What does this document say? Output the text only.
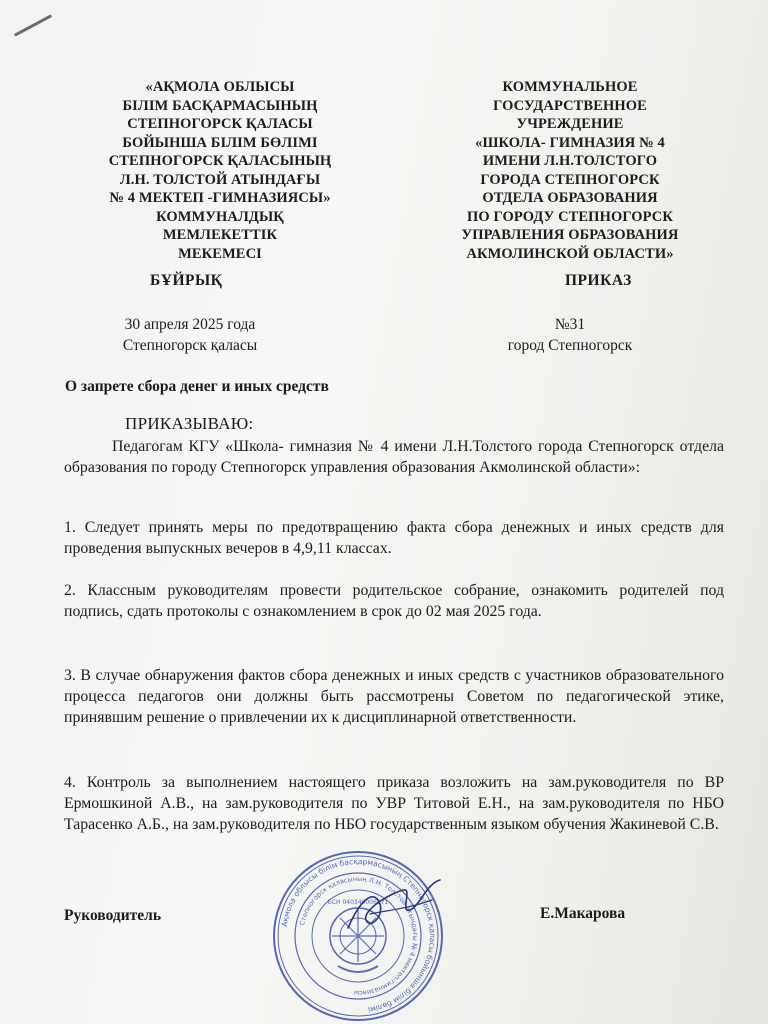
«АҚМОЛА ОБЛЫСЫ
БІЛІМ БАСҚАРМАСЫНЫҢ
СТЕПНОГОРСК ҚАЛАСЫ
БОЙЫНША БІЛІМ БӨЛІМІ
СТЕПНОГОРСК ҚАЛАСЫНЫҢ
Л.Н. ТОЛСТОЙ АТЫНДАҒЫ
№ 4 МЕКТЕП -ГИМНАЗИЯСЫ»
КОММУНАЛДЫҚ
МЕМЛЕКЕТТІК
МЕКЕМЕСІ
КОММУНАЛЬНОЕ
ГОСУДАРСТВЕННОЕ
УЧРЕЖДЕНИЕ
«ШКОЛА- ГИМНАЗИЯ № 4
ИМЕНИ Л.Н.ТОЛСТОГО
ГОРОДА СТЕПНОГОРСК
ОТДЕЛА ОБРАЗОВАНИЯ
ПО ГОРОДУ СТЕПНОГОРСК
УПРАВЛЕНИЯ ОБРАЗОВАНИЯ
АКМОЛИНСКОЙ ОБЛАСТИ»
БҰЙРЫҚ	ПРИКАЗ
30 апреля 2025 года
Степногорск қаласы
№31
город Степногорск
О запрете сбора денег и иных средств
ПРИКАЗЫВАЮ:
Педагогам КГУ «Школа- гимназия № 4 имени Л.Н.Толстого города Степногорск отдела образования по городу Степногорск управления образования Акмолинской области»:
1. Следует принять меры по предотвращению факта сбора денежных и иных средств для проведения выпускных вечеров в 4,9,11 классах.
2. Классным руководителям провести родительское собрание, ознакомить родителей под подпись, сдать протоколы с ознакомлением в срок до 02 мая 2025 года.
3. В случае обнаружения фактов сбора денежных и иных средств с участников образовательного процесса педагогов они должны быть рассмотрены Советом по педагогической этике, принявшим решение о привлечении их к дисциплинарной ответственности.
4. Контроль за выполнением настоящего приказа возложить на зам.руководителя по ВР Ермошкиной А.В., на зам.руководителя по УВР Титовой Е.Н., на зам.руководителя по НБО Тарасенко А.Б., на зам.руководителя по НБО государственным языком обучения Жакиневой С.В.
Руководитель	Е.Макарова
Ақмола облысы білім басқармасының Степногорск қаласы бойынша білім бөлімі
Степногорск қаласының Л.Н. Толстой атындағы № 4 мектеп-гимназиясы
БСН 040340006571
